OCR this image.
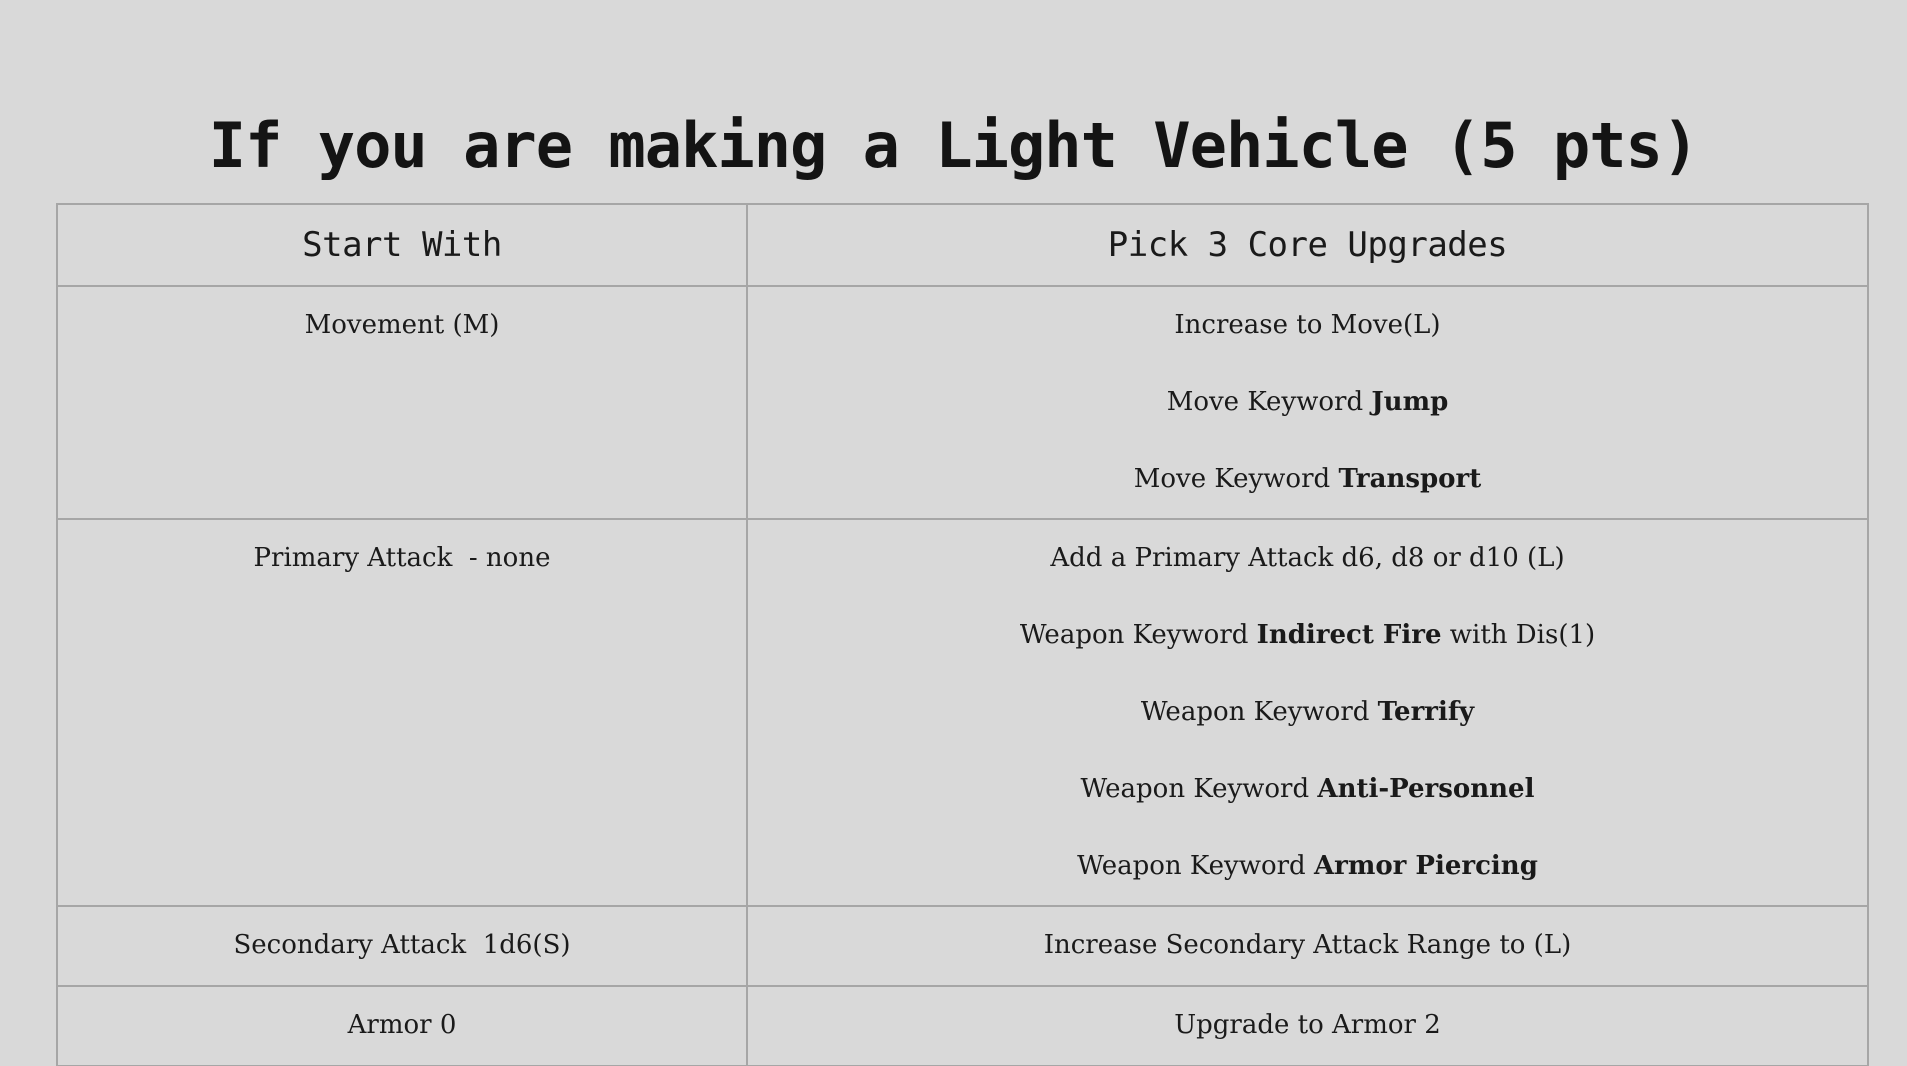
If you are making a Light Vehicle (5 pts)
Start With	Pick 3 Core Upgrades

Movement (M)	Increase to Move(L)
Move Keyword Jump
Move Keyword Transport

Primary Attack  - none	Add a Primary Attack d6, d8 or d10 (L)
Weapon Keyword Indirect Fire with Dis(1)
Weapon Keyword Terrify
Weapon Keyword Anti-Personnel
Weapon Keyword Armor Piercing

Secondary Attack  1d6(S)	Increase Secondary Attack Range to (L)

Armor 0	Upgrade to Armor 2
